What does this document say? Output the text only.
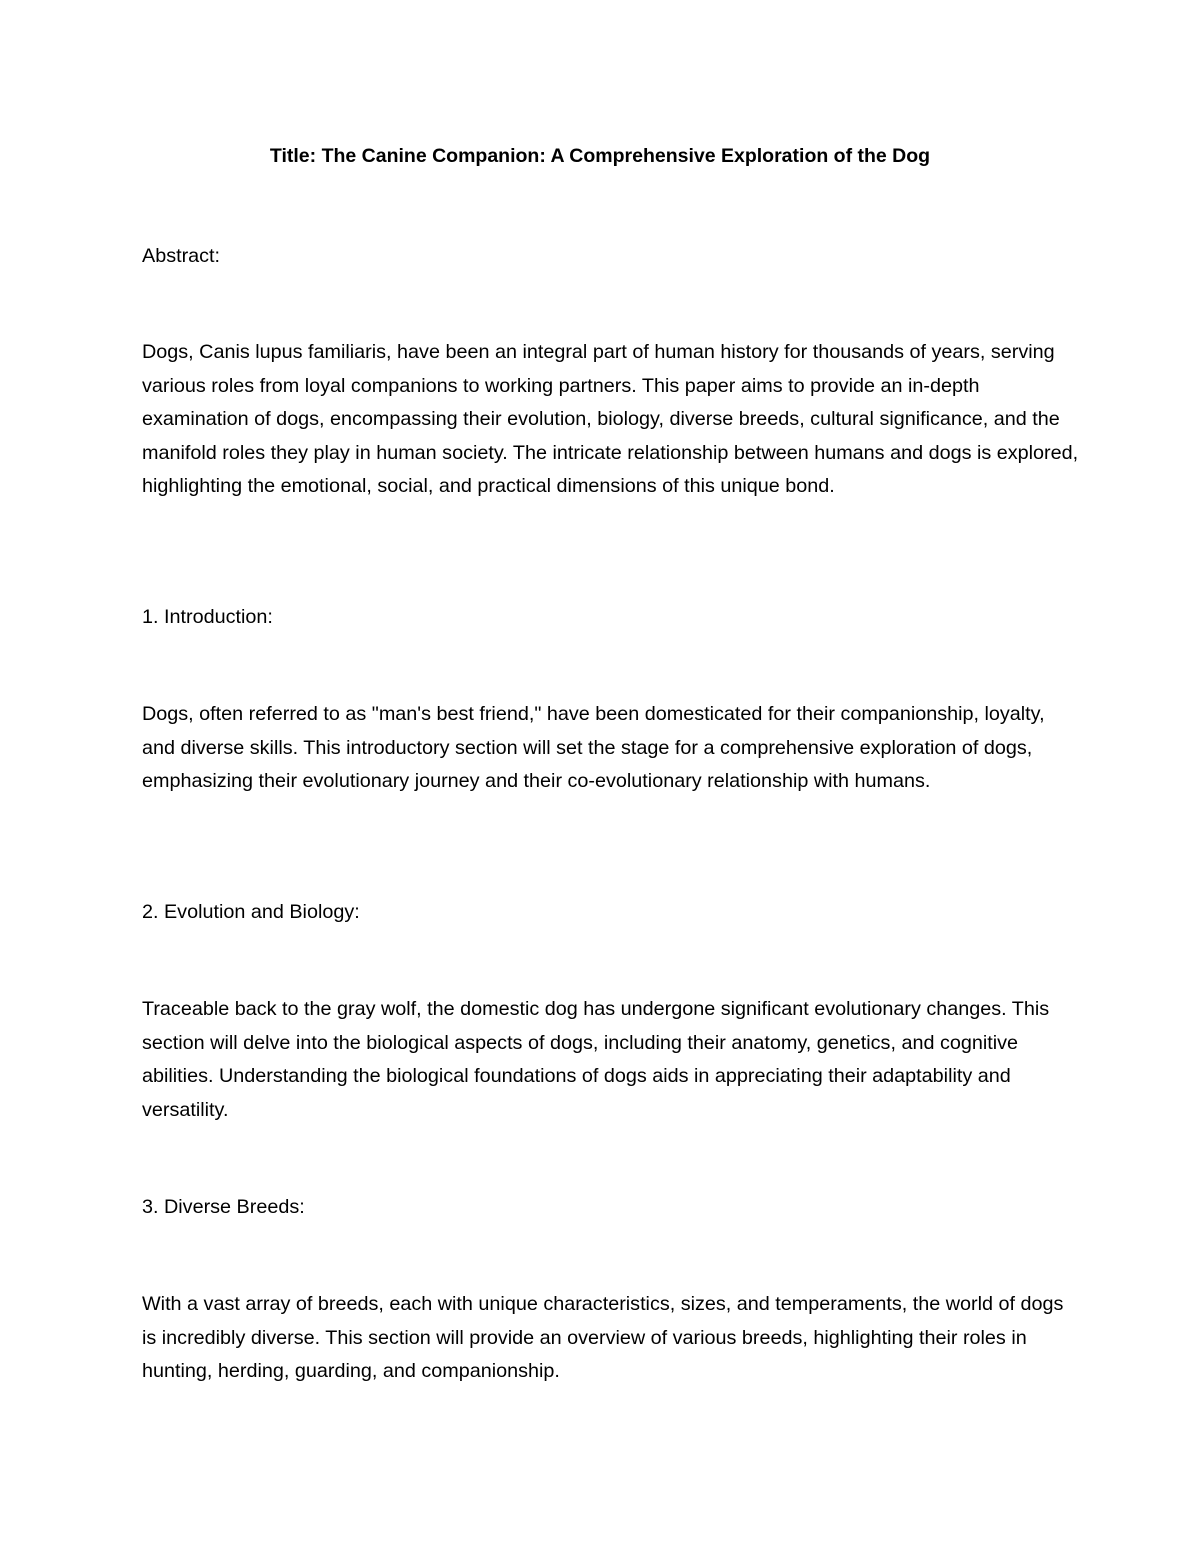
Title: The Canine Companion: A Comprehensive Exploration of the Dog

Abstract:

Dogs, Canis lupus familiaris, have been an integral part of human history for thousands of years, serving various roles from loyal companions to working partners. This paper aims to provide an in-depth examination of dogs, encompassing their evolution, biology, diverse breeds, cultural significance, and the manifold roles they play in human society. The intricate relationship between humans and dogs is explored, highlighting the emotional, social, and practical dimensions of this unique bond.

1. Introduction:

Dogs, often referred to as "man's best friend," have been domesticated for their companionship, loyalty, and diverse skills. This introductory section will set the stage for a comprehensive exploration of dogs, emphasizing their evolutionary journey and their co-evolutionary relationship with humans.

2. Evolution and Biology:

Traceable back to the gray wolf, the domestic dog has undergone significant evolutionary changes. This section will delve into the biological aspects of dogs, including their anatomy, genetics, and cognitive abilities. Understanding the biological foundations of dogs aids in appreciating their adaptability and versatility.

3. Diverse Breeds:

With a vast array of breeds, each with unique characteristics, sizes, and temperaments, the world of dogs is incredibly diverse. This section will provide an overview of various breeds, highlighting their roles in hunting, herding, guarding, and companionship.
